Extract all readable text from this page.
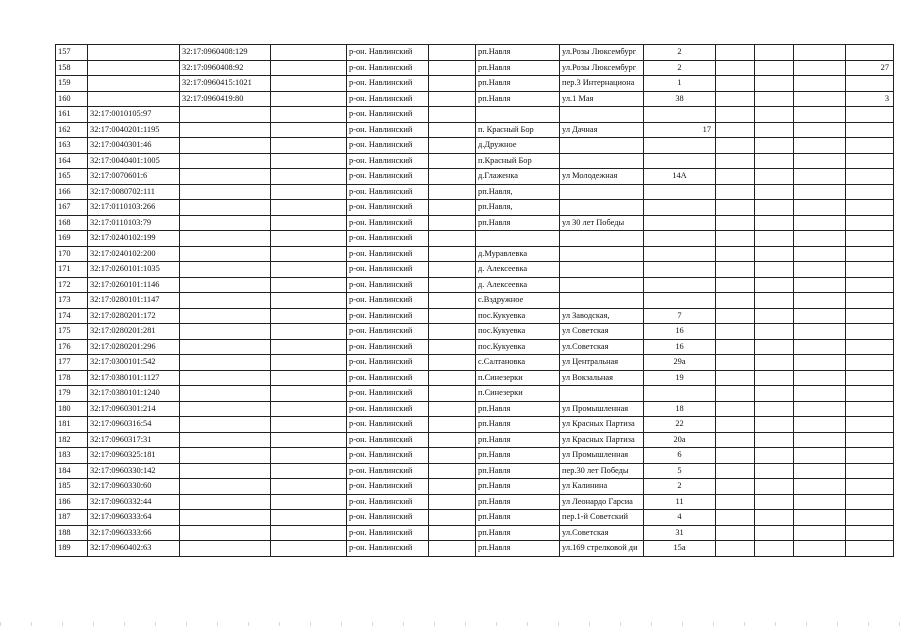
157		32:17:0960408:129		р-он. Навлинский		рп.Навля	ул.Розы Люксембург	2				
158		32:17:0960408:92		р-он. Навлинский		рп.Навля	ул.Розы Люксембург	2				27
159		32:17:0960415:1021		р-он. Навлинский		рп.Навля	пер.3 Интернациона	1				
160		32:17:0960419:80		р-он. Навлинский		рп.Навля	ул.1 Мая	38				3
161	32:17:0010105:97			р-он. Навлинский								
162	32:17:0040201:1195			р-он. Навлинский		п. Красный Бор	ул Дачная	17				
163	32:17:0040301:46			р-он. Навлинский		д.Дружное						
164	32:17:0040401:1005			р-он. Навлинский		п.Красный Бор						
165	32:17:0070601:6			р-он. Навлинский		д.Глаженка	ул Молодежная	14А				
166	32:17:0080702:111			р-он. Навлинский		рп.Навля,						
167	32:17:0110103:266			р-он. Навлинский		рп.Навля,						
168	32:17:0110103:79			р-он. Навлинский		рп.Навля	ул 30 лет Победы					
169	32:17:0240102:199			р-он. Навлинский								
170	32:17:0240102:200			р-он. Навлинский		д.Муравлевка						
171	32:17:0260101:1035			р-он. Навлинский		д. Алексеевка						
172	32:17:0260101:1146			р-он. Навлинский		д. Алексеевка						
173	32:17:0280101:1147			р-он. Навлинский		с.Вздружное						
174	32:17:0280201:172			р-он. Навлинский		пос.Кукуевка	ул Заводская,	7				
175	32:17:0280201:281			р-он. Навлинский		пос.Кукуевка	ул Советская	16				
176	32:17:0280201:296			р-он. Навлинский		пос.Кукуевка	ул.Советская	16				
177	32:17:0300101:542			р-он. Навлинский		с.Салтановка	ул Центральная	29а				
178	32:17:0380101:1127			р-он. Навлинский		п.Синезерки	ул Вокзальная	19				
179	32:17:0380101:1240			р-он. Навлинский		п.Синезерки						
180	32:17:0960301:214			р-он. Навлинский		рп.Навля	ул Промышленная	18				
181	32:17:0960316:54			р-он. Навлинский		рп.Навля	ул Красных Партиза	22				
182	32:17:0960317:31			р-он. Навлинский		рп.Навля	ул Красных Партиза	20а				
183	32:17:0960325:181			р-он. Навлинский		рп.Навля	ул Промышленная	6				
184	32:17:0960330:142			р-он. Навлинский		рп.Навля	пер.30 лет Победы	5				
185	32:17:0960330:60			р-он. Навлинский		рп.Навля	ул Калинина	2				
186	32:17:0960332:44			р-он. Навлинский		рп.Навля	ул Леонардо Гарсиа	11				
187	32:17:0960333:64			р-он. Навлинский		рп.Навля	пер.1-й Советский	4				
188	32:17:0960333:66			р-он. Навлинский		рп.Навля	ул.Советская	31				
189	32:17:0960402:63			р-он. Навлинский		рп.Навля	ул.169 стрелковой ди	15а				
